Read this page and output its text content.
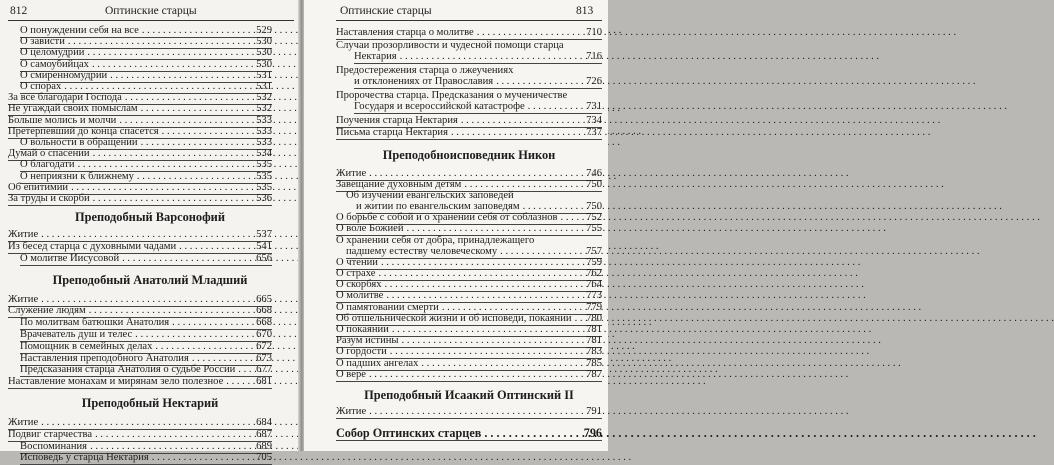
812	Оптинские старцы
О понуждении себя на все	529
. . .
О зависти	530
. . .
О целомудрии	530
. . .
О самоубийцах	530
. . .
О смиренномудрии	531
. . .
О спорах	531
. . .
За все благодари Господа	532
. . .
Не угаждай своих помыслам	532
. . .
Больше молись и молчи	533
. . .
Претерпевший до конца спасется	533
. . .
О вольности в обращении	533
. . .
Думай о спасении	534
. . .
О благодати	535
. . .
О неприязни к ближнему	535
. . .
Об епитимии	535
. . .
За труды и скорби	536
. . .
Преподобный Варсонофий
Житие	537
. . .
Из бесед старца с духовными чадами	541
. . .
О молитве Иисусовой	656
. . .
Преподобный Анатолий Младший
Житие	665
. . .
Служение людям	668
. . .
По молитвам батюшки Анатолия	668
. . .
Врачеватель душ и телес	670
. . .
Помощник в семейных делах	672
. . .
Наставления преподобного Анатолия	673
. . .
Предсказания старца Анатолия о судьбе России 677
. . .
Наставление монахам и мирянам зело полезное	681
. . .
Преподобный Нектарий
Житие	684
. . .
Подвиг старчества	687
. . .
Воспоминания	689
. . .
Исповедь у старца Нектария	705
. . .
Оптинские старцы	813
Наставления старца о молитве	710
. . .
Случаи прозорливости и чудесной помощи старца
Нектария	716
. . .
Предостережения старца о лжеучениях
и отклонениях от Православия	726
. . .
Пророчества старца. Предсказания о мученичестве
Государя и всероссийской катастрофе	731
. . .
Поучения старца Нектария	734
. . .
Письма старца Нектария	737
. . .
Преподобноисповедник Никон
Житие	746
. . .
Завещание духовным детям	750
. . .
Об изучении евангельских заповедей
и житии по евангельским заповедям	750
. . .
О борьбе с собой и о хранении себя от соблазнов	752
. . .
О воле Божией	755
. . .
О хранении себя от добра, принадлежащего
падшему естеству человеческому	757
. . .
О чтении	759
. . .
О страхе	762
. . .
О скорбях	764
. . .
О молитве	773
. . .
О памятовании смерти	779
. . .
Об отшельнической жизни и об исповеди, покаянии 780
. . .
О покаянии	781
. . .
Разум истины	781
. . .
О гордости	783
. . .
О падших ангелах	785
. . .
О вере	787
. . .
Преподобный Исаакий Оптинский II
Житие	791
. . .
Собор Оптинских старцев	796
. . .
